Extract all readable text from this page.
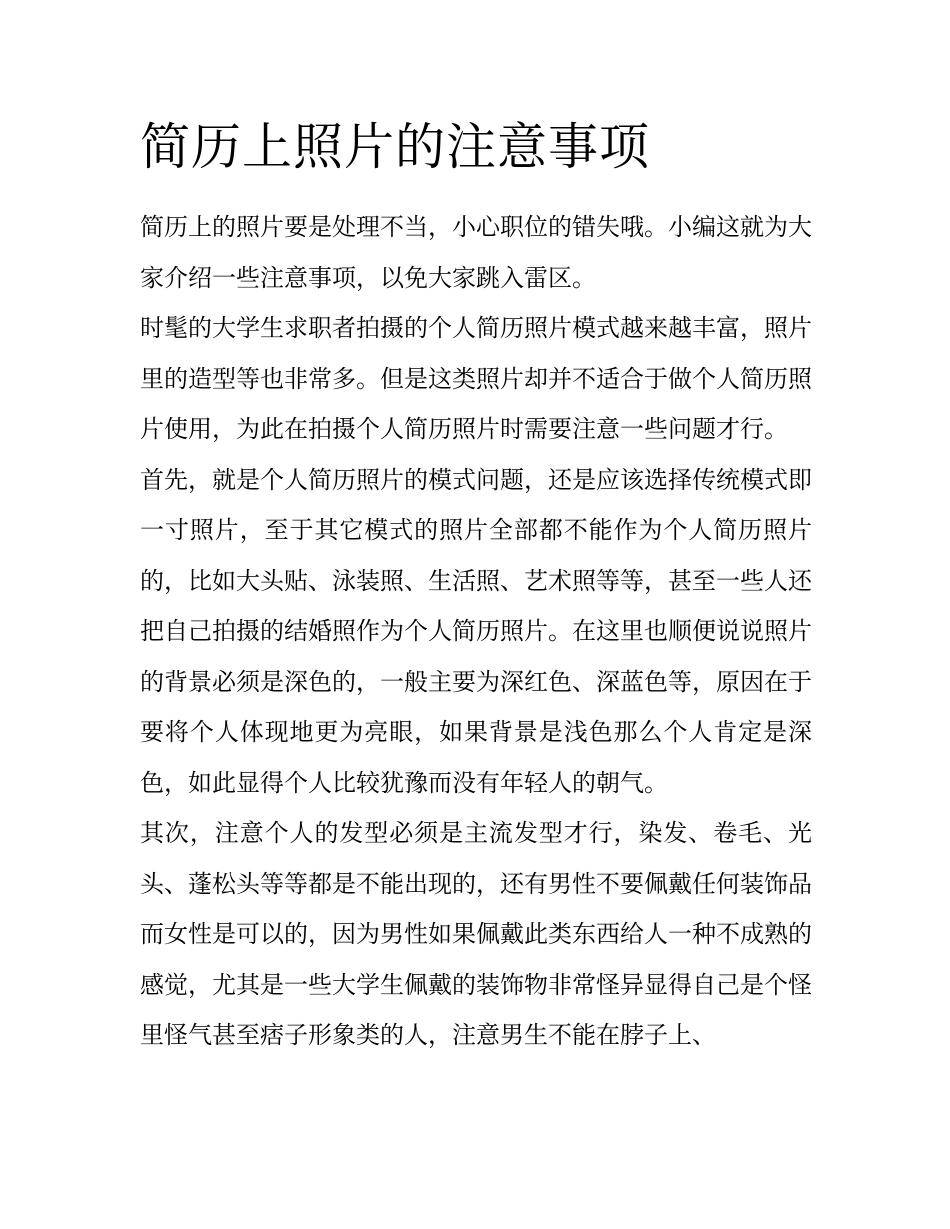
简历上照片的注意事项

简历上的照片要是处理不当，小心职位的错失哦。小编这就为大家介绍一些注意事项，以免大家跳入雷区。

时髦的大学生求职者拍摄的个人简历照片模式越来越丰富，照片里的造型等也非常多。但是这类照片却并不适合于做个人简历照片使用，为此在拍摄个人简历照片时需要注意一些问题才行。

首先，就是个人简历照片的模式问题，还是应该选择传统模式即一寸照片，至于其它模式的照片全部都不能作为个人简历照片的，比如大头贴、泳装照、生活照、艺术照等等，甚至一些人还把自己拍摄的结婚照作为个人简历照片。在这里也顺便说说照片的背景必须是深色的，一般主要为深红色、深蓝色等，原因在于要将个人体现地更为亮眼，如果背景是浅色那么个人肯定是深色，如此显得个人比较犹豫而没有年轻人的朝气。

其次，注意个人的发型必须是主流发型才行，染发、卷毛、光头、蓬松头等等都是不能出现的，还有男性不要佩戴任何装饰品而女性是可以的，因为男性如果佩戴此类东西给人一种不成熟的感觉，尤其是一些大学生佩戴的装饰物非常怪异显得自己是个怪里怪气甚至痞子形象类的人，注意男生不能在脖子上、
